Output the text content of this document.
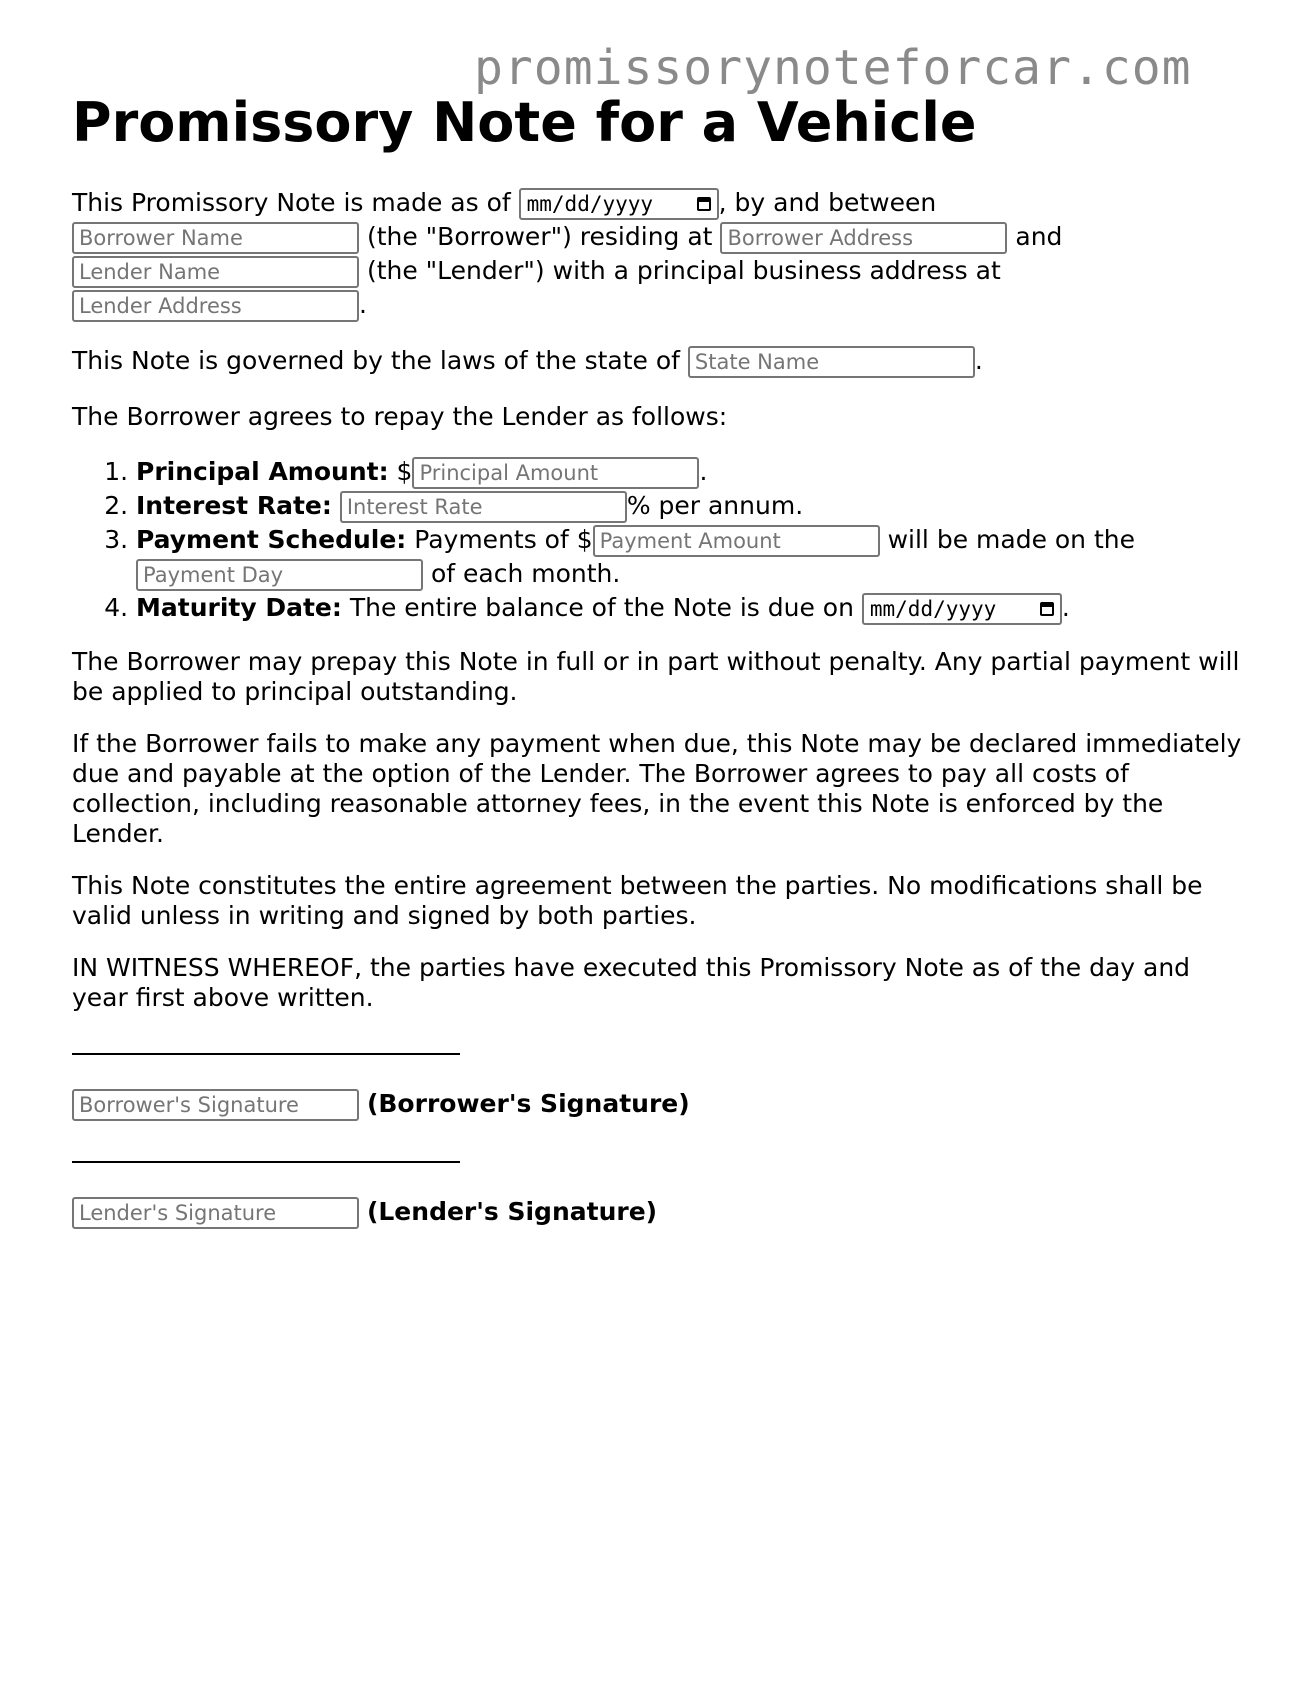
promissorynoteforcar.com
Promissory Note for a Vehicle

This Promissory Note is made as of mm/dd/yyyy	, by and between
Borrower Name (the "Borrower") residing at Borrower Address	and
Lender Name (the "Lender") with a principal business address at
Lender Address.

This Note is governed by the laws of the state of State Name	.

The Borrower agrees to repay the Lender as follows:

1. Principal Amount: $Principal Amount	.
2. Interest Rate: Interest Rate	% per annum.
3. Payment Schedule: Payments of $Payment Amount	will be made on the
Payment Day of each month.
4. Maturity Date: The entire balance of the Note is due on mm/dd/yyyy	.

The Borrower may prepay this Note in full or in part without penalty. Any partial payment will be applied to principal outstanding.

If the Borrower fails to make any payment when due, this Note may be declared immediately due and payable at the option of the Lender. The Borrower agrees to pay all costs of collection, including reasonable attorney fees, in the event this Note is enforced by the Lender.

This Note constitutes the entire agreement between the parties. No modifications shall be valid unless in writing and signed by both parties.

IN WITNESS WHEREOF, the parties have executed this Promissory Note as of the day and year first above written.

Borrower's Signature (Borrower's Signature)
Lender's Signature (Lender's Signature)
